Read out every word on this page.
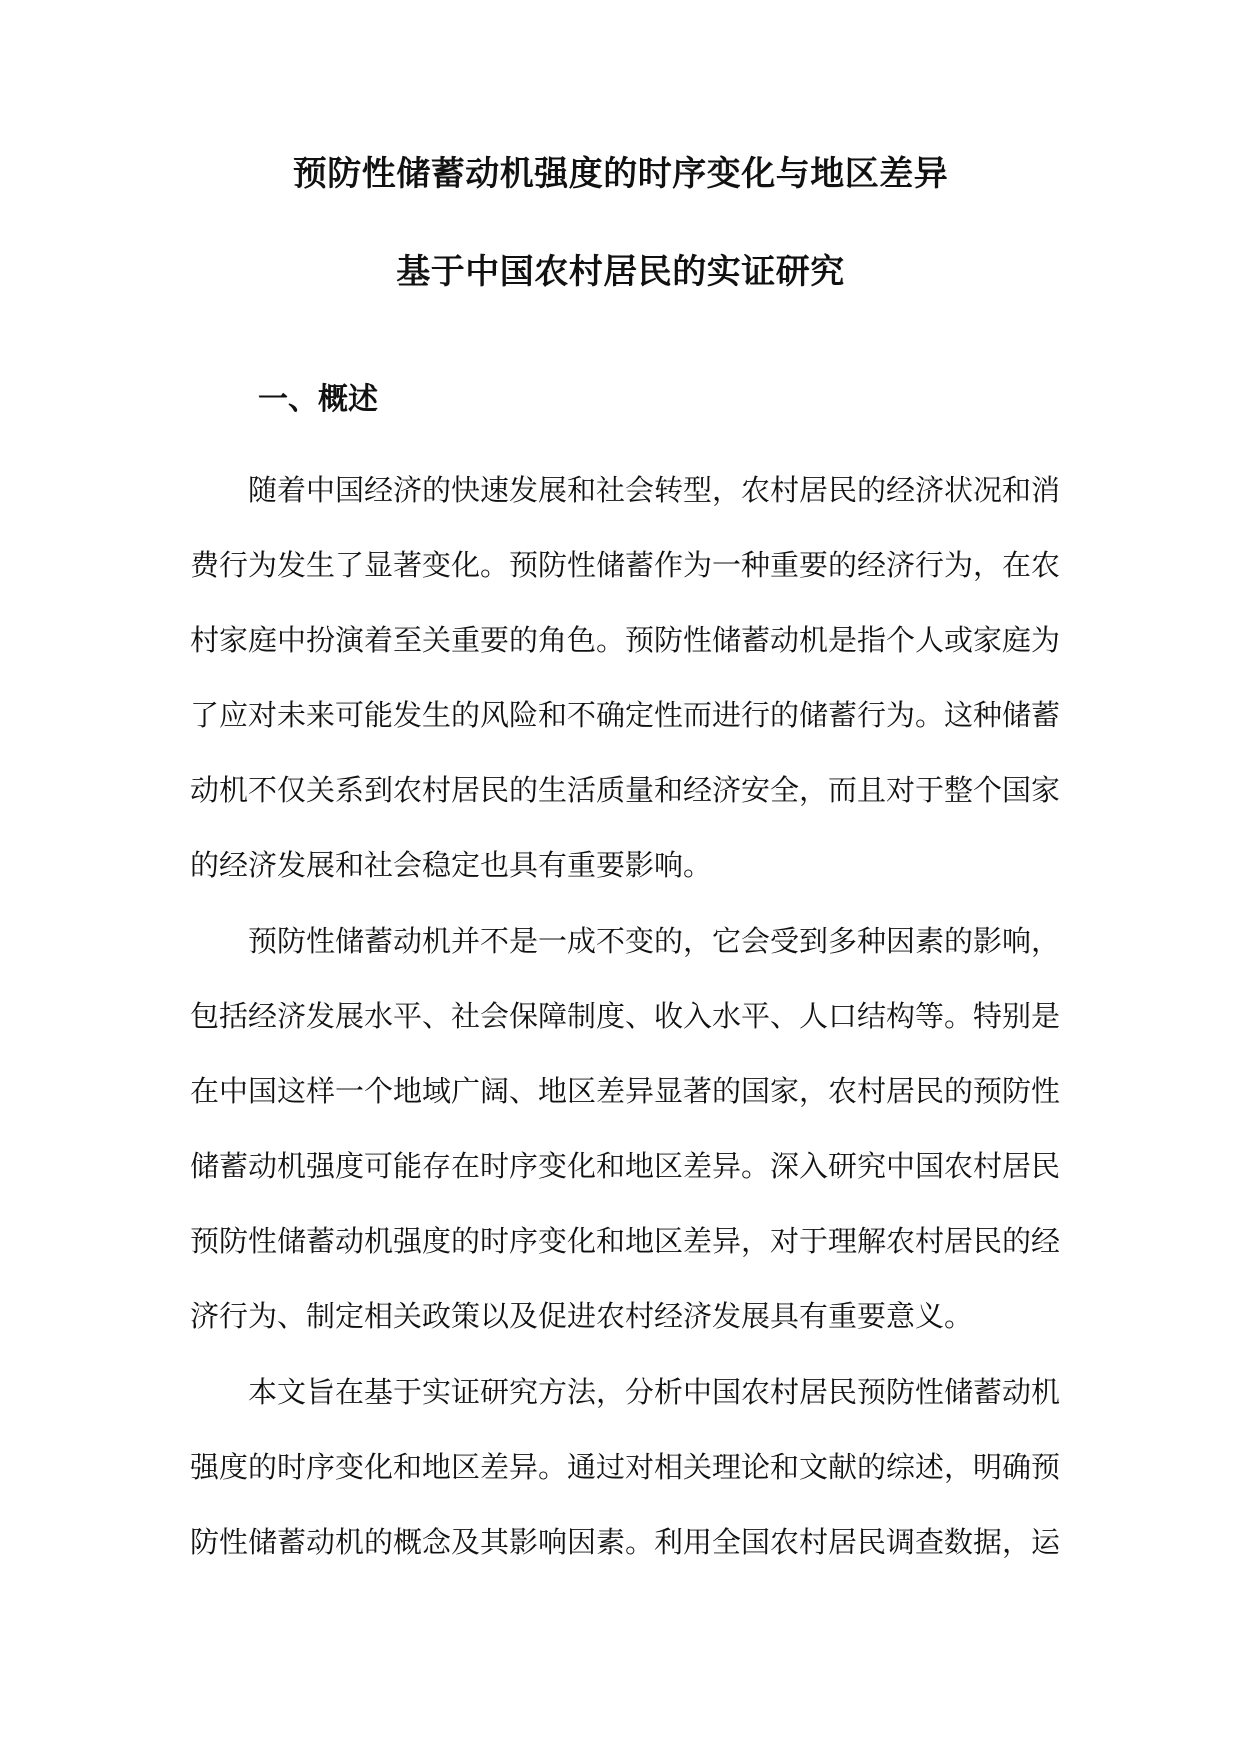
预防性储蓄动机强度的时序变化与地区差异
基于中国农村居民的实证研究
一、概述

随着中国经济的快速发展和社会转型，农村居民的经济状况和消费行为发生了显著变化。预防性储蓄作为一种重要的经济行为，在农村家庭中扮演着至关重要的角色。预防性储蓄动机是指个人或家庭为了应对未来可能发生的风险和不确定性而进行的储蓄行为。这种储蓄动机不仅关系到农村居民的生活质量和经济安全，而且对于整个国家的经济发展和社会稳定也具有重要影响。

预防性储蓄动机并不是一成不变的，它会受到多种因素的影响，包括经济发展水平、社会保障制度、收入水平、人口结构等。特别是在中国这样一个地域广阔、地区差异显著的国家，农村居民的预防性储蓄动机强度可能存在时序变化和地区差异。深入研究中国农村居民预防性储蓄动机强度的时序变化和地区差异，对于理解农村居民的经济行为、制定相关政策以及促进农村经济发展具有重要意义。

本文旨在基于实证研究方法，分析中国农村居民预防性储蓄动机强度的时序变化和地区差异。通过对相关理论和文献的综述，明确预防性储蓄动机的概念及其影响因素。利用全国农村居民调查数据，运
